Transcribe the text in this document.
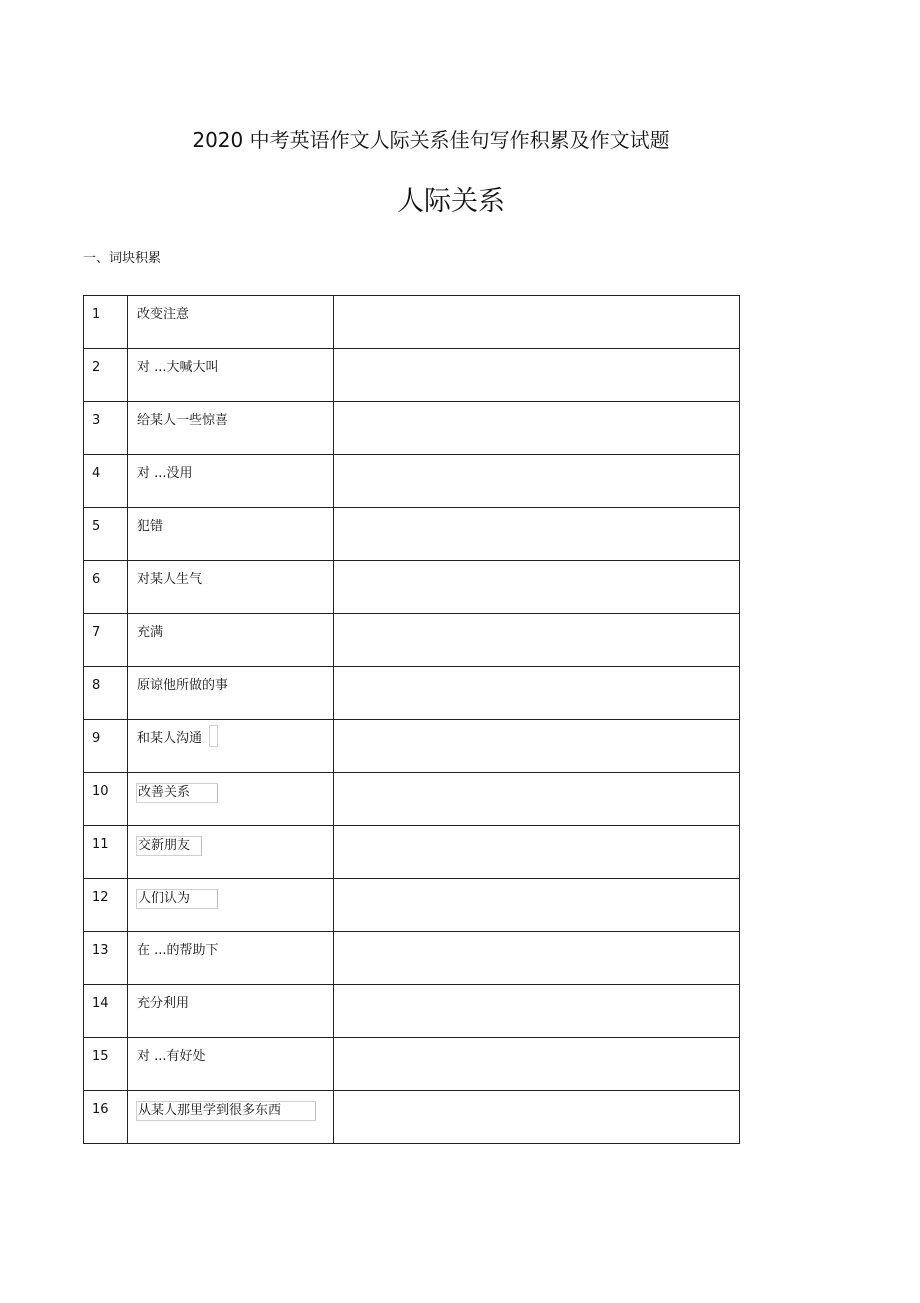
2020 中考英语作文人际关系佳句写作积累及作文试题
人际关系
一、词块积累
1	改变注意	

2	对 ...大喊大叫	

3	给某人一些惊喜	

4	对 ...没用	

5	犯错	

6	对某人生气	

7	充满	

8	原谅他所做的事	

9	和某人沟通	

10	改善关系	

11	交新朋友	

12	人们认为	

13	在 ...的帮助下	

14	充分利用	

15	对 ...有好处	

16	从某人那里学到很多东西	
